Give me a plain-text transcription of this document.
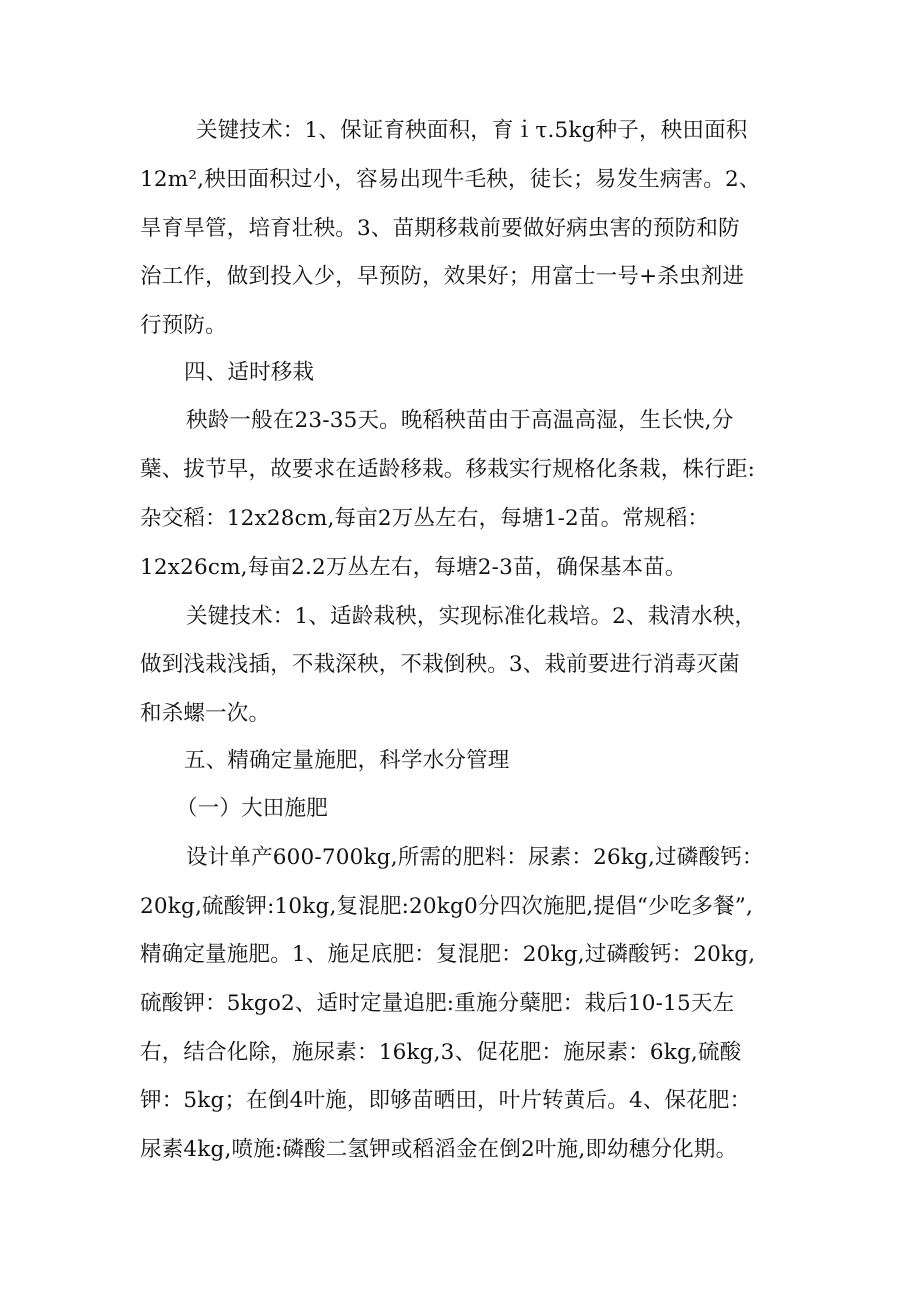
关键技术：1、保证育秧面积，育ｉτ.5kg种子，秧田面积
12m²,秧田面积过小，容易出现牛毛秧，徒长；易发生病害。2、
旱育旱管，培育壮秧。3、苗期移栽前要做好病虫害的预防和防
治工作，做到投入少，早预防，效果好；用富士一号+杀虫剂进
行预防。
四、适时移栽
秧龄一般在23-35天。晚稻秧苗由于高温高湿，生长快,分
蘖、拔节早，故要求在适龄移栽。移栽实行规格化条栽，株行距:
杂交稻：12x28cm,每亩2万丛左右，每塘1-2苗。常规稻：
12x26cm,每亩2.2万丛左右，每塘2-3苗，确保基本苗。
关键技术：1、适龄栽秧，实现标准化栽培。2、栽清水秧，
做到浅栽浅插，不栽深秧，不栽倒秧。3、栽前要进行消毒灭菌
和杀螺一次。
五、精确定量施肥，科学水分管理
（一）大田施肥
设计单产600-700kg,所需的肥料：尿素：26kg,过磷酸钙：
20kg,硫酸钾:10kg,复混肥:20kg0分四次施肥,提倡“少吃多餐”,
精确定量施肥。1、施足底肥：复混肥：20kg,过磷酸钙：20kg,
硫酸钾：5kgo2、适时定量追肥:重施分蘖肥：栽后10-15天左
右，结合化除，施尿素：16kg,3、促花肥：施尿素：6kg,硫酸
钾：5kg；在倒4叶施，即够苗晒田，叶片转黄后。4、保花肥：
尿素4kg,喷施:磷酸二氢钾或稻滔金在倒2叶施,即幼穗分化期。
